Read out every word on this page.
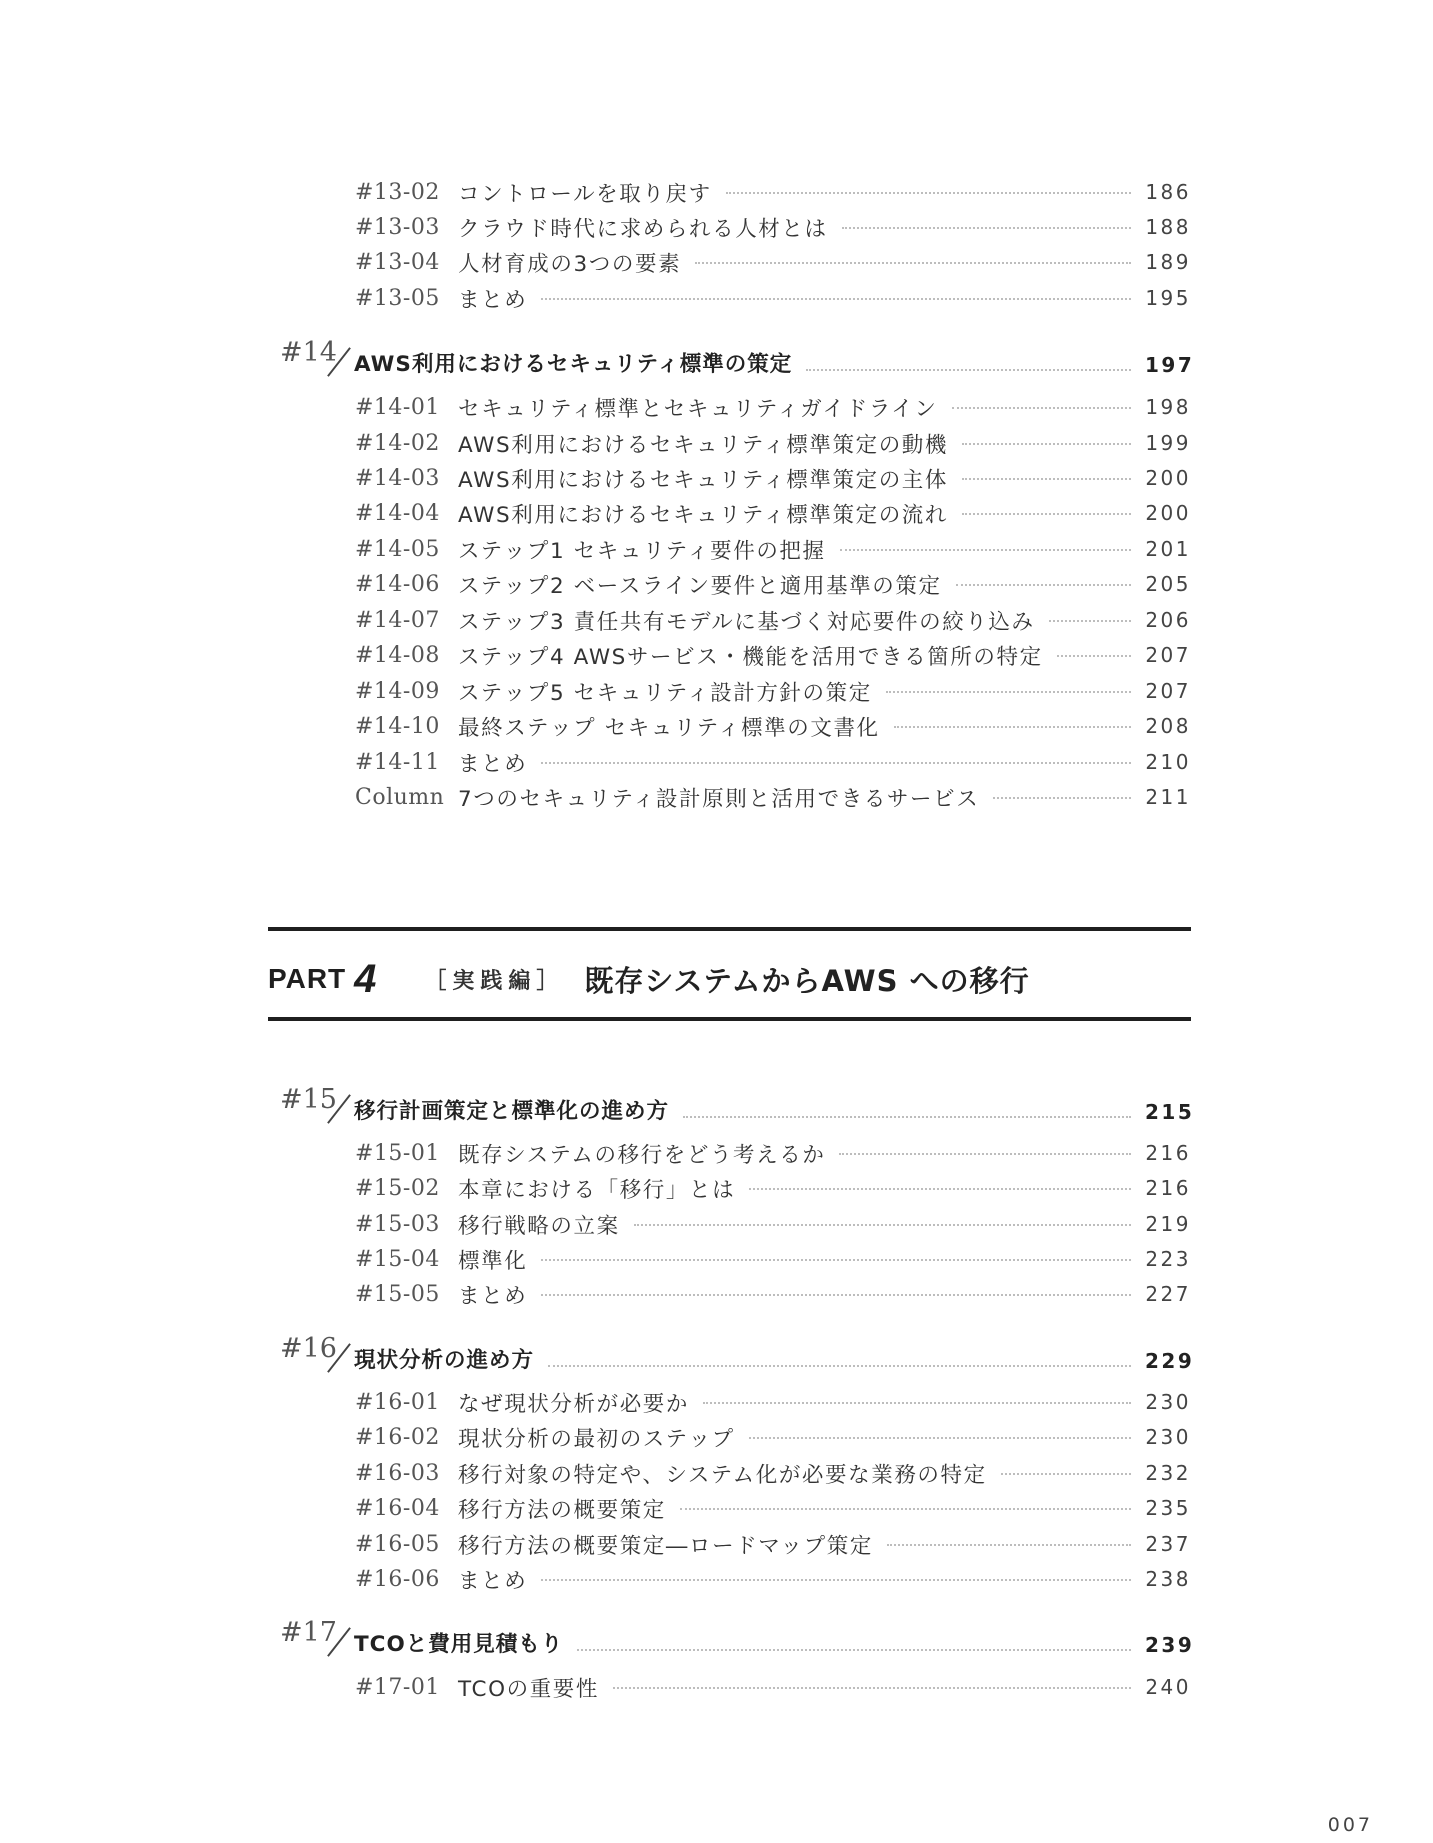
#13-02 コントロールを取り戻す	186
#13-03 クラウド時代に求められる人材とは	188
#13-04 人材育成の3つの要素	189
#13-05 まとめ	195
#14 AWS利用におけるセキュリティ標準の策定	197
#14-01 セキュリティ標準とセキュリティガイドライン	198
#14-02 AWS利用におけるセキュリティ標準策定の動機	199
#14-03 AWS利用におけるセキュリティ標準策定の主体	200
#14-04 AWS利用におけるセキュリティ標準策定の流れ	200
#14-05 ステップ1 セキュリティ要件の把握	201
#14-06 ステップ2 ベースライン要件と適用基準の策定	205
#14-07 ステップ3 責任共有モデルに基づく対応要件の絞り込み	206
#14-08 ステップ4 AWSサービス・機能を活用できる箇所の特定	207
#14-09 ステップ5 セキュリティ設計方針の策定	207
#14-10 最終ステップ セキュリティ標準の文書化	208
#14-11 まとめ	210
Column 7つのセキュリティ設計原則と活用できるサービス	211
PART 4 ［実践編］ 既存システムからAWS への移行
#15 移行計画策定と標準化の進め方	215
#15-01 既存システムの移行をどう考えるか	216
#15-02 本章における「移行」とは	216
#15-03 移行戦略の立案	219
#15-04 標準化	223
#15-05 まとめ	227
#16 現状分析の進め方	229
#16-01 なぜ現状分析が必要か	230
#16-02 現状分析の最初のステップ	230
#16-03 移行対象の特定や、システム化が必要な業務の特定	232
#16-04 移行方法の概要策定	235
#16-05 移行方法の概要策定―ロードマップ策定	237
#16-06 まとめ	238
#17 TCOと費用見積もり	239
#17-01 TCOの重要性	240
007
